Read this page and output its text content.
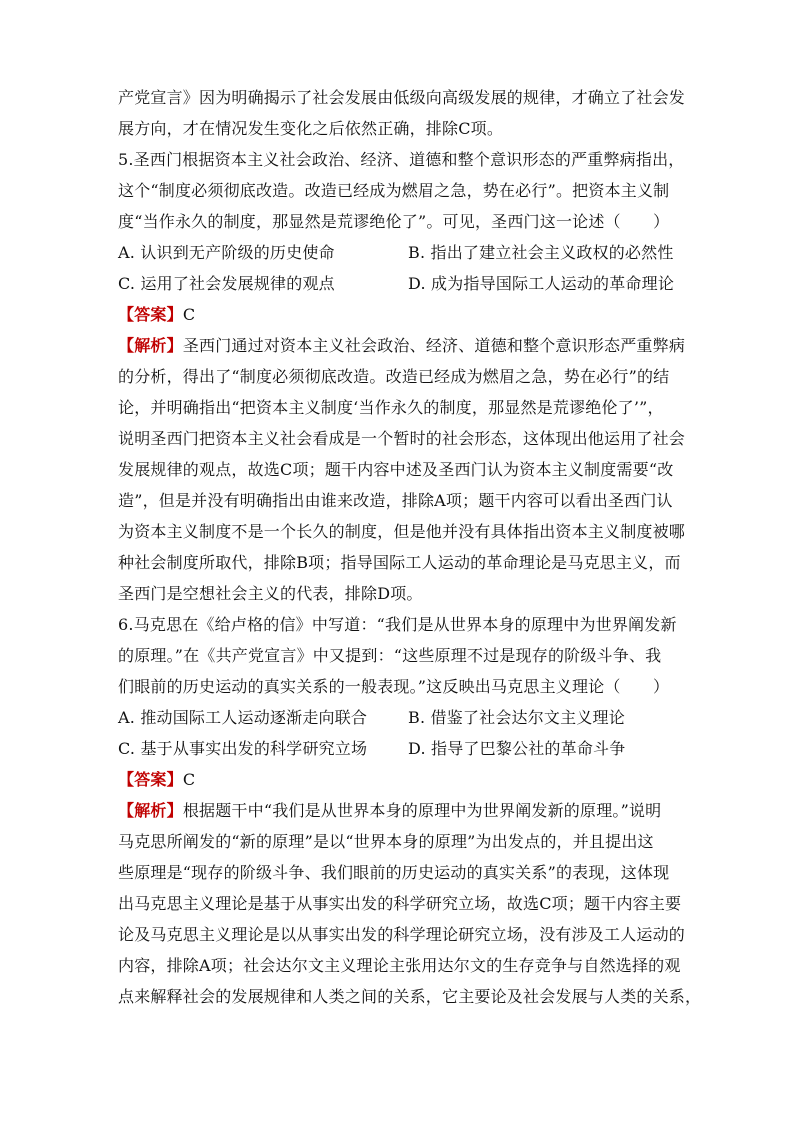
产党宣言》因为明确揭示了社会发展由低级向高级发展的规律，才确立了社会发
展方向，才在情况发生变化之后依然正确，排除C项。
5.圣西门根据资本主义社会政治、经济、道德和整个意识形态的严重弊病指出，
这个“制度必须彻底改造。改造已经成为燃眉之急，势在必行”。把资本主义制
度“当作永久的制度，那显然是荒谬绝伦了”。可见，圣西门这一论述（　　）
A. 认识到无产阶级的历史使命	B. 指出了建立社会主义政权的必然性
C. 运用了社会发展规律的观点	D. 成为指导国际工人运动的革命理论
【答案】C
【解析】圣西门通过对资本主义社会政治、经济、道德和整个意识形态严重弊病
的分析，得出了“制度必须彻底改造。改造已经成为燃眉之急，势在必行”的结
论，并明确指出“把资本主义制度‘当作永久的制度，那显然是荒谬绝伦了’”，
说明圣西门把资本主义社会看成是一个暂时的社会形态，这体现出他运用了社会
发展规律的观点，故选C项；题干内容中述及圣西门认为资本主义制度需要“改
造”，但是并没有明确指出由谁来改造，排除A项；题干内容可以看出圣西门认
为资本主义制度不是一个长久的制度，但是他并没有具体指出资本主义制度被哪
种社会制度所取代，排除B项；指导国际工人运动的革命理论是马克思主义，而
圣西门是空想社会主义的代表，排除D项。
6.马克思在《给卢格的信》中写道：“我们是从世界本身的原理中为世界阐发新
的原理。”在《共产党宣言》中又提到：“这些原理不过是现存的阶级斗争、我
们眼前的历史运动的真实关系的一般表现。”这反映出马克思主义理论（　　）
A. 推动国际工人运动逐渐走向联合	B. 借鉴了社会达尔文主义理论
C. 基于从事实出发的科学研究立场	D. 指导了巴黎公社的革命斗争
【答案】C
【解析】根据题干中“我们是从世界本身的原理中为世界阐发新的原理。”说明
马克思所阐发的“新的原理”是以“世界本身的原理”为出发点的，并且提出这
些原理是“现存的阶级斗争、我们眼前的历史运动的真实关系”的表现，这体现
出马克思主义理论是基于从事实出发的科学研究立场，故选C项；题干内容主要
论及马克思主义理论是以从事实出发的科学理论研究立场，没有涉及工人运动的
内容，排除A项；社会达尔文主义理论主张用达尔文的生存竞争与自然选择的观
点来解释社会的发展规律和人类之间的关系，它主要论及社会发展与人类的关系，
